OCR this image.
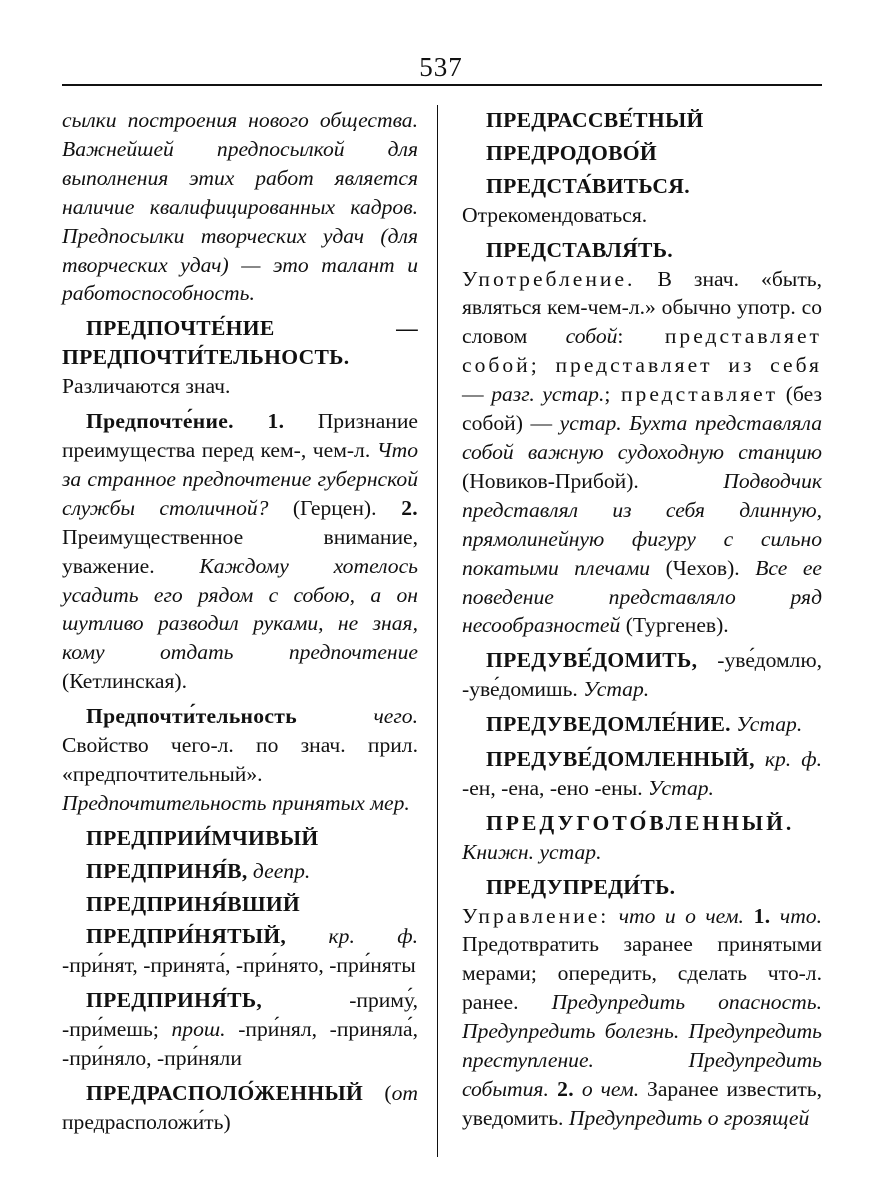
537

сылки построения нового общества. Важнейшей предпосылкой для выполнения этих работ является наличие квалифицированных кадров. Предпосылки творческих удач (для творческих удач) — это талант и работоспособность.

ПРЕДПОЧТЕ́НИЕ — ПРЕДПОЧТИ́ТЕЛЬНОСТЬ. Различаются знач.

Предпочте́ние. 1. Признание преимущества перед кем-, чем-л. Что за странное предпочтение губернской службы столичной? (Герцен). 2. Преимущественное внимание, уважение. Каждому хотелось усадить его рядом с собою, а он шутливо разводил руками, не зная, кому отдать предпочтение (Кетлинская).

Предпочти́тельность чего. Свойство чего-л. по знач. прил. «предпочтительный». Предпочтительность принятых мер.

ПРЕДПРИИ́МЧИВЫЙ

ПРЕДПРИНЯ́В, деепр.

ПРЕДПРИНЯ́ВШИЙ

ПРЕДПРИ́НЯТЫЙ, кр. ф. -при́нят, -принята́, -при́нято, -при́няты

ПРЕДПРИНЯ́ТЬ, -приму́, -при́мешь; прош. -при́нял, -приняла́, -при́няло, -при́няли

ПРЕДРАСПОЛО́ЖЕННЫЙ (от предрасположи́ть)

ПРЕДРАССВЕ́ТНЫЙ

ПРЕДРОДОВО́Й

ПРЕДСТА́ВИТЬСЯ. Отрекомендоваться.

ПРЕДСТАВЛЯ́ТЬ. Употребление. В знач. «быть, являться кем-чем-л.» обычно употр. со словом собой: представляет собой; представляет из себя — разг. устар.; представляет (без собой) — устар. Бухта представляла собой важную судоходную станцию (Новиков-Прибой). Подводчик представлял из себя длинную, прямолинейную фигуру с сильно покатыми плечами (Чехов). Все ее поведение представляло ряд несообразностей (Тургенев).

ПРЕДУВЕ́ДОМИТЬ, -уве́домлю, -уве́домишь. Устар.

ПРЕДУВЕДОМЛЕ́НИЕ. Устар.

ПРЕДУВЕ́ДОМЛЕННЫЙ, кр. ф. -ен, -ена, -ено -ены. Устар.

ПРЕДУГОТО́ВЛЕННЫЙ. Книжн. устар.

ПРЕДУПРЕДИ́ТЬ. Управление: что и о чем. 1. что. Предотвратить заранее принятыми мерами; опередить, сделать что-л. ранее. Предупредить опасность. Предупредить болезнь. Предупредить преступление. Предупредить события. 2. о чем. Заранее известить, уведомить. Предупредить о грозящей
